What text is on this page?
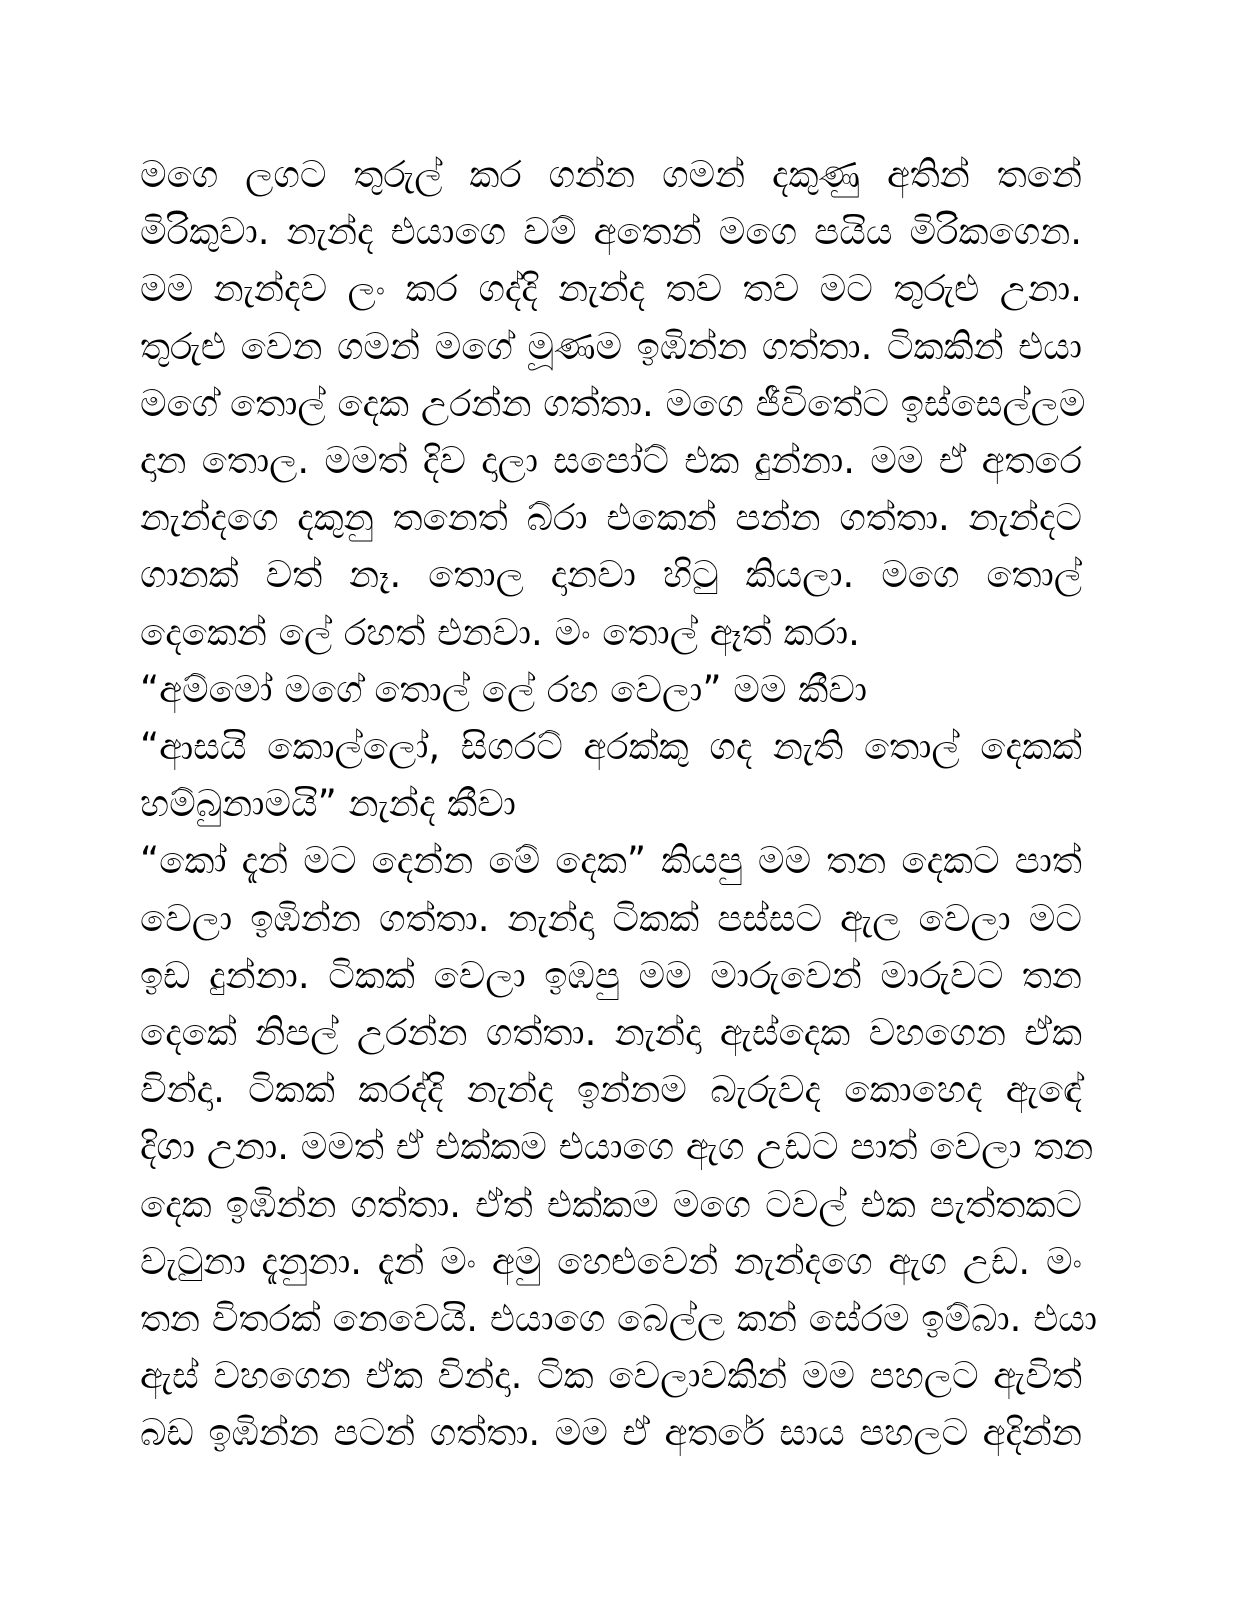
මගෙ ලගට තුරුල් කර ගන්න ගමන් දකුණු අතින් තනේ
මිරිකුවා. නැන්ද එයාගෙ වම් අතෙන් මගෙ පයිය මිරිකගෙන.
මම නැන්දව ලං කර ගද්දි නැන්ද තව තව මට තුරුළු උනා.
තුරුළු වෙන ගමන් මගේ මූණම ඉඹින්න ගත්තා. ටිකකින් එයා
මගේ තොල් දෙක උරන්න ගත්තා. මගෙ ජීවිතේට ඉස්සෙල්ලම
දාන තොල. මමත් දිව දාලා සපෝට් එක දුන්නා. මම ඒ අතරෙ
නැන්දගෙ දකුනු තනෙත් බ්රා එකෙන් පන්න ගත්තා. නැන්දට
ගානක් වත් නෑ. තොල දානවා හිටු කියලා. මගෙ තොල්
දෙකෙන් ලේ රහත් එනවා. මං තොල් ඈත් කරා.
“අම්මෝ මගේ තොල් ලේ රහ වෙලා” මම කීවා
“ආසයි කොල්ලෝ, සිගරට් අරක්කු ගද නැති තොල් දෙකක්
හම්බුනාමයි” නැන්ද කීවා
“කෝ දැන් මට දෙන්න මේ දෙක” කියපු මම තන දෙකට පාත්
වෙලා ඉඹින්න ගත්තා. නැන්දා ටිකක් පස්සට ඇල වෙලා මට
ඉඩ දුන්නා. ටිකක් වෙලා ඉඹපු මම මාරුවෙන් මාරුවට තන
දෙකේ නිපල් උරන්න ගත්තා. නැන්දා ඇස්දෙක වහගෙන ඒක
වින්දා. ටිකක් කරද්දි නැන්ද ඉන්නම බැරුවද කොහෙද ඇඳේ
දිගා උනා. මමත් ඒ එක්කම එයාගෙ ඇග උඩට පාත් වෙලා තන
දෙක ඉඹින්න ගත්තා. ඒත් එක්කම මගෙ ටවල් එක පැත්තකට
වැටුනා දැනුනා. දැන් මං අමු හෙළුවෙන් නැන්දගෙ ඇග උඩ. මං
තන විතරක් නෙවෙයි. එයාගෙ බෙල්ල කන් සේරම ඉම්බා. එයා
ඇස් වහගෙන ඒක වින්දා. ටික වෙලාවකින් මම පහලට ඇවිත්
බඩ ඉඹින්න පටන් ගත්තා. මම ඒ අතරේ සාය පහලට අදින්න
